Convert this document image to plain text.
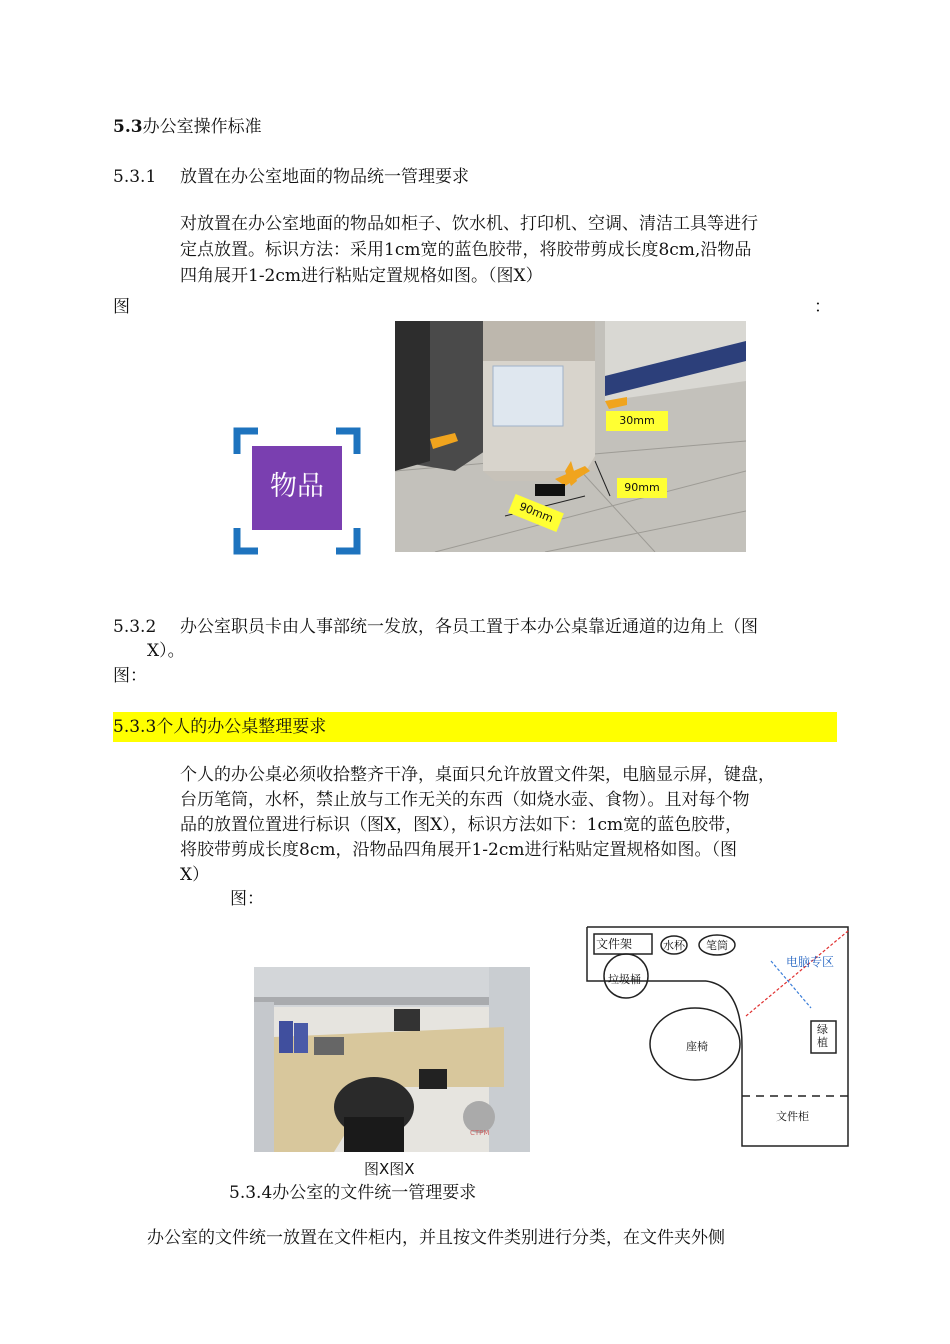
5.3办公室操作标准
5.3.1 放置在办公室地面的物品统一管理要求
对放置在办公室地面的物品如柜子、饮水机、打印机、空调、清洁工具等进行
定点放置。标识方法：采用1cm宽的蓝色胶带，将胶带剪成长度8cm,沿物品
四角展开1-2cm进行粘贴定置规格如图。（图X）
图	：
物品
30mm
90mm
90mm
5.3.2 办公室职员卡由人事部统一发放，各员工置于本办公桌靠近通道的边角上（图
X）。
图：
5.3.3个人的办公桌整理要求
个人的办公桌必须收拾整齐干净，桌面只允许放置文件架，电脑显示屏，键盘，
台历笔筒，水杯，禁止放与工作无关的东西（如烧水壶、食物）。且对每个物
品的放置位置进行标识（图X，图X），标识方法如下：1cm宽的蓝色胶带，
将胶带剪成长度8cm，沿物品四角展开1-2cm进行粘贴定置规格如图。（图
X）
图：
CTPM
文件架	水杯 笔筒
电脑专区
垃圾桶
座椅
绿植
文件柜
图X图X
5.3.4办公室的文件统一管理要求
办公室的文件统一放置在文件柜内，并且按文件类别进行分类，在文件夹外侧
